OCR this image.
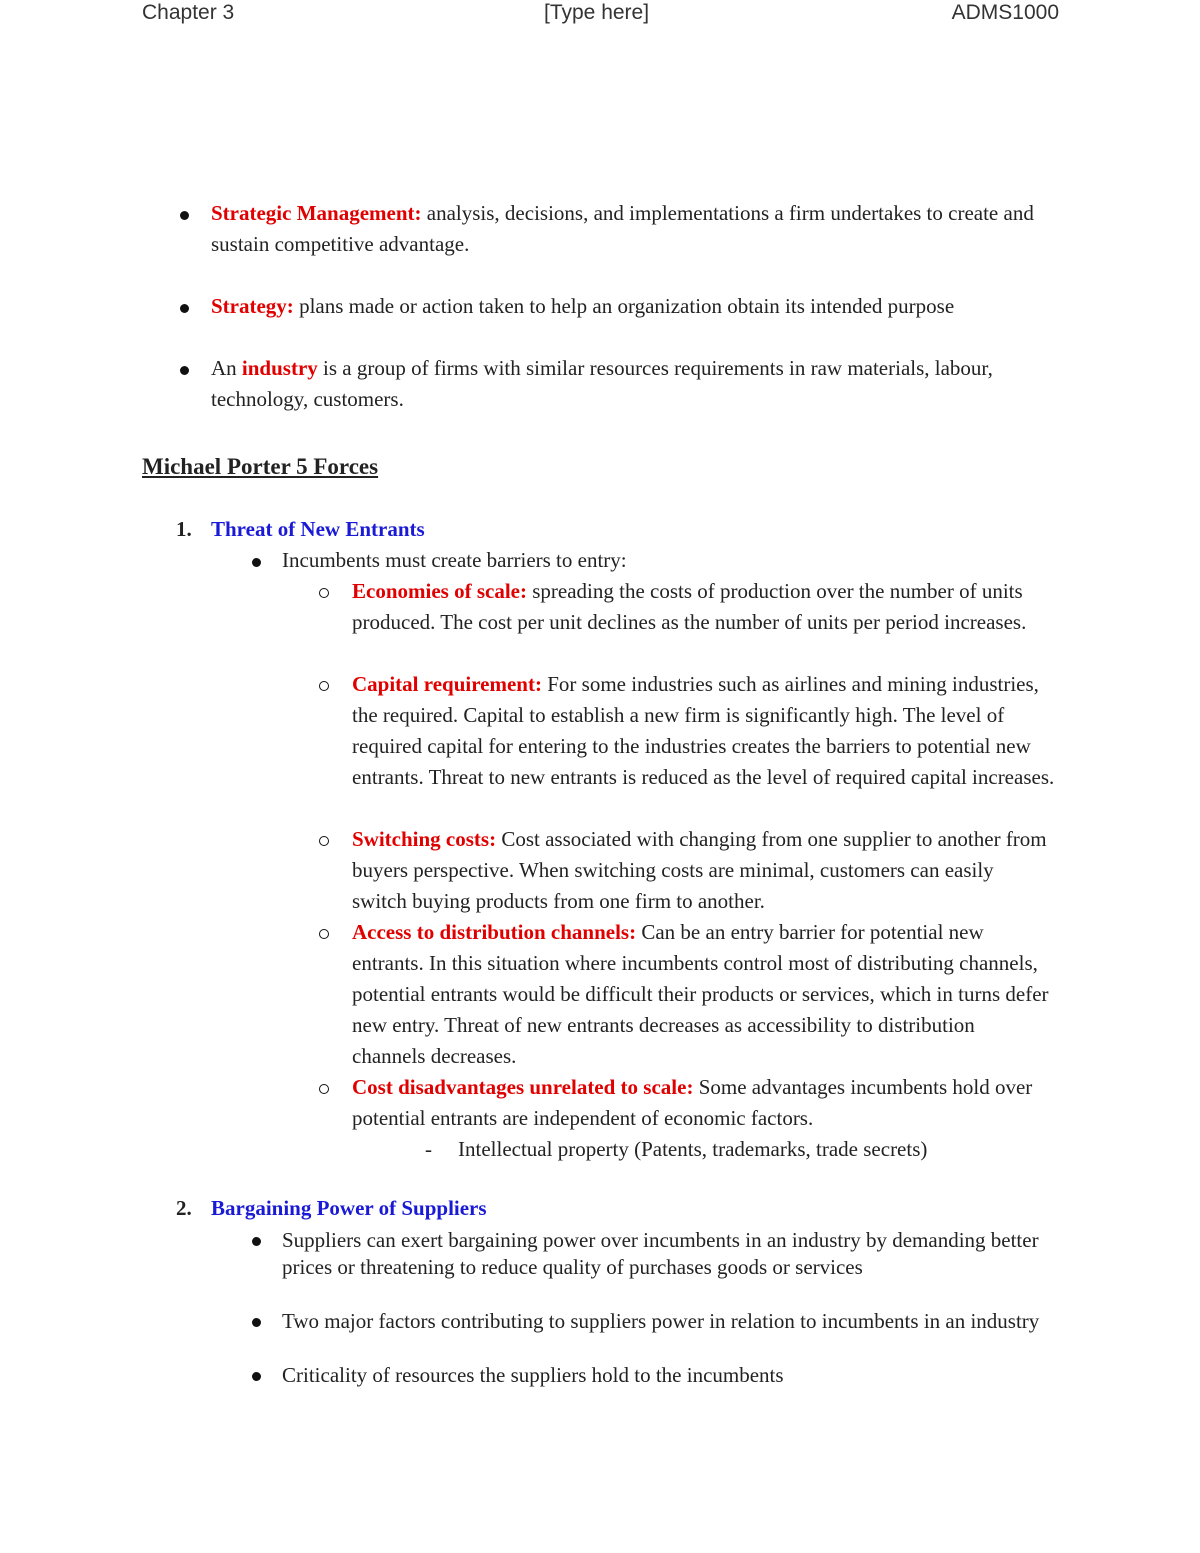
Chapter 3	[Type here]	ADMS1000
Strategic Management: analysis, decisions, and implementations a firm undertakes to create and sustain competitive advantage.
Strategy: plans made or action taken to help an organization obtain its intended purpose
An industry is a group of firms with similar resources requirements in raw materials, labour, technology, customers.
Michael Porter 5 Forces
1. Threat of New Entrants
Incumbents must create barriers to entry:
Economies of scale: spreading the costs of production over the number of units produced. The cost per unit declines as the number of units per period increases.
Capital requirement: For some industries such as airlines and mining industries, the required. Capital to establish a new firm is significantly high. The level of required capital for entering to the industries creates the barriers to potential new entrants. Threat to new entrants is reduced as the level of required capital increases.
Switching costs: Cost associated with changing from one supplier to another from buyers perspective. When switching costs are minimal, customers can easily switch buying products from one firm to another.
Access to distribution channels: Can be an entry barrier for potential new entrants. In this situation where incumbents control most of distributing channels, potential entrants would be difficult their products or services, which in turns defer new entry. Threat of new entrants decreases as accessibility to distribution channels decreases.
Cost disadvantages unrelated to scale: Some advantages incumbents hold over potential entrants are independent of economic factors.
- Intellectual property (Patents, trademarks, trade secrets)
2. Bargaining Power of Suppliers
Suppliers can exert bargaining power over incumbents in an industry by demanding better prices or threatening to reduce quality of purchases goods or services
Two major factors contributing to suppliers power in relation to incumbents in an industry
Criticality of resources the suppliers hold to the incumbents
